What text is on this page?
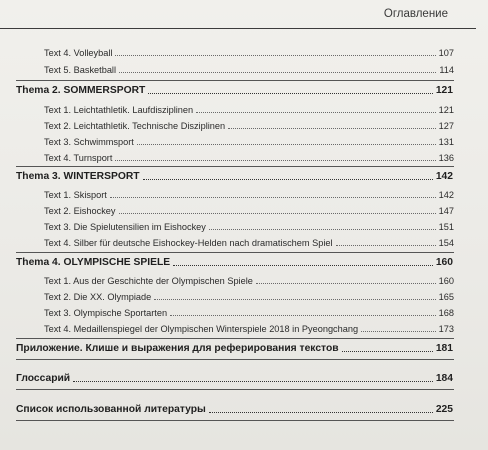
Оглавление
Text 4. Volleyball	107
Text 5. Basketball	114
Thema 2. SOMMERSPORT	121
Text 1. Leichtathletik. Laufdisziplinen	121
Text 2. Leichtathletik. Technische Disziplinen	127
Text 3. Schwimmsport	131
Text 4. Turnsport	136
Thema 3. WINTERSPORT	142
Text 1. Skisport	142
Text 2. Eishockey	147
Text 3. Die Spielutensilien im Eishockey	151
Text 4. Silber für deutsche Eishockey-Helden nach dramatischem Spiel	154
Thema 4. OLYMPISCHE SPIELE	160
Text 1. Aus der Geschichte der Olympischen Spiele	160
Text 2. Die XX. Olympiade	165
Text 3. Olympische Sportarten	168
Text 4. Medaillenspiegel der Olympischen Winterspiele 2018 in Pyeongchang	173
Приложение. Клише и выражения для реферирования текстов	181
Глоссарий	184
Список использованной литературы	225
